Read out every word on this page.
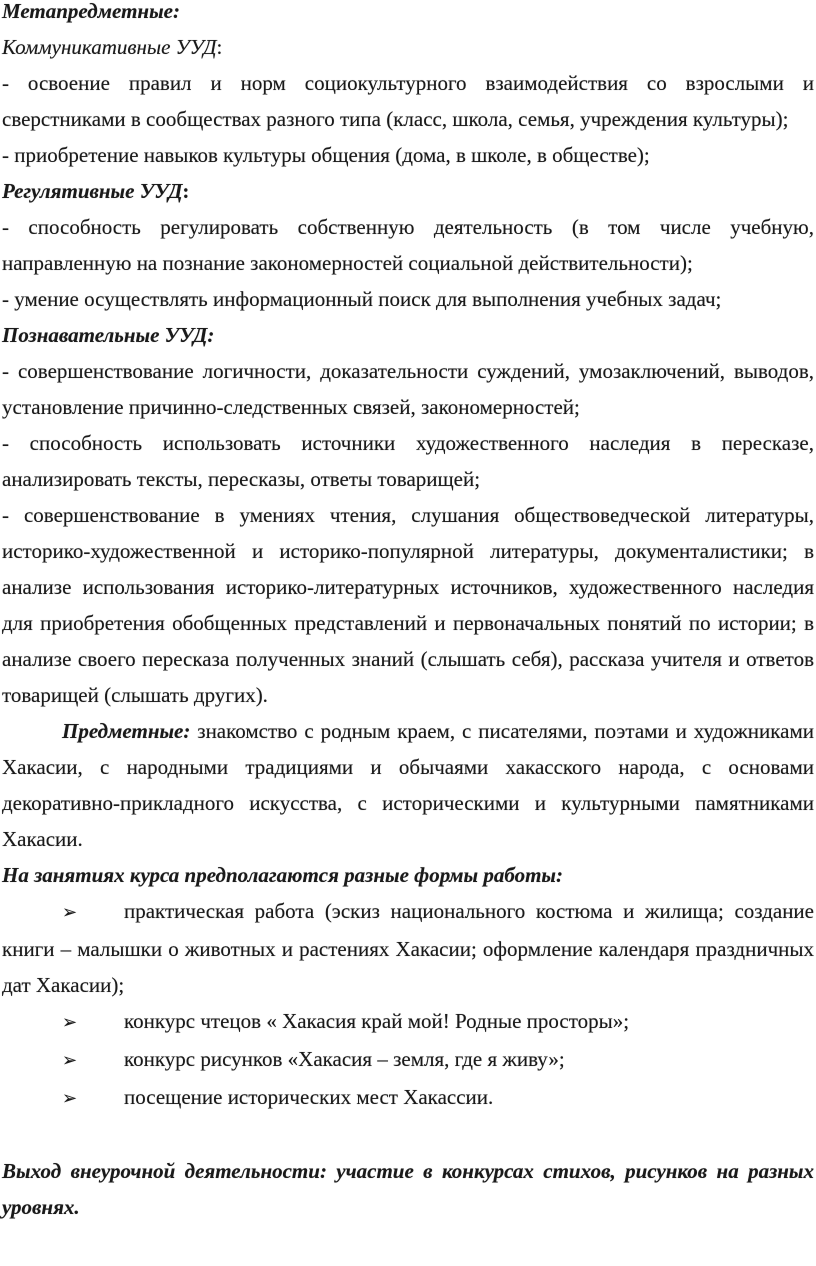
Метапредметные:

Коммуникативные УУД:

- освоение правил и норм социокультурного взаимодействия со взрослыми и сверстниками в сообществах разного типа (класс, школа, семья, учреждения культуры);

- приобретение навыков культуры общения (дома, в школе, в обществе);

Регулятивные УУД:

- способность регулировать собственную деятельность (в том числе учебную, направленную на познание закономерностей социальной действительности);

- умение осуществлять информационный поиск для выполнения учебных задач;

Познавательные УУД:

- совершенствование логичности, доказательности суждений, умозаключений, выводов, установление причинно-следственных связей, закономерностей;

- способность использовать источники художественного наследия в пересказе, анализировать тексты, пересказы, ответы товарищей;

- совершенствование в умениях чтения, слушания обществоведческой литературы, историко-художественной и историко-популярной литературы, документалистики; в анализе использования историко-литературных источников, художественного наследия для приобретения обобщенных представлений и первоначальных понятий по истории; в анализе своего пересказа полученных знаний (слышать себя), рассказа учителя и ответов товарищей (слышать других).

Предметные: знакомство с родным краем, с писателями, поэтами и художниками Хакасии, с народными традициями и обычаями хакасского народа, с основами декоративно-прикладного искусства, с историческими и культурными памятниками Хакасии.

На занятиях курса предполагаются разные формы работы:

➢ практическая работа (эскиз национального костюма и жилища; создание книги – малышки о животных и растениях Хакасии; оформление календаря праздничных дат Хакасии);

➢ конкурс чтецов « Хакасия край мой! Родные просторы»;

➢ конкурс рисунков «Хакасия – земля, где я живу»;

➢ посещение исторических мест Хакассии.

Выход внеурочной деятельности: участие в конкурсах стихов, рисунков на разных уровнях.
